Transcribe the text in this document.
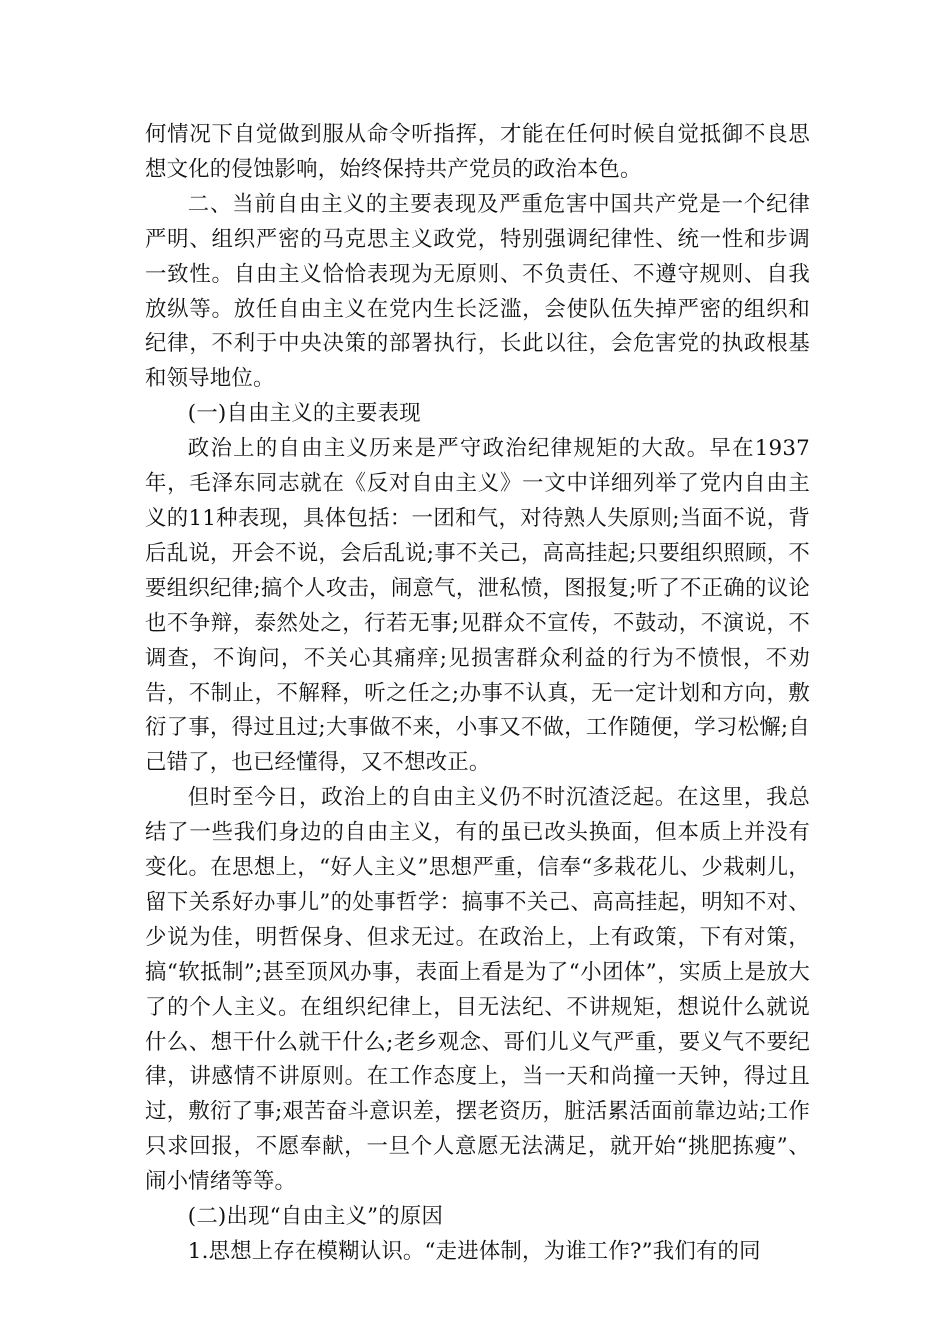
何情况下自觉做到服从命令听指挥，才能在任何时候自觉抵御不良思想文化的侵蚀影响，始终保持共产党员的政治本色。

二、当前自由主义的主要表现及严重危害中国共产党是一个纪律严明、组织严密的马克思主义政党，特别强调纪律性、统一性和步调一致性。自由主义恰恰表现为无原则、不负责任、不遵守规则、自我放纵等。放任自由主义在党内生长泛滥，会使队伍失掉严密的组织和纪律，不利于中央决策的部署执行，长此以往，会危害党的执政根基和领导地位。

(一)自由主义的主要表现

政治上的自由主义历来是严守政治纪律规矩的大敌。早在1937年，毛泽东同志就在《反对自由主义》一文中详细列举了党内自由主义的11种表现，具体包括：一团和气，对待熟人失原则;当面不说，背后乱说，开会不说，会后乱说;事不关己，高高挂起;只要组织照顾，不要组织纪律;搞个人攻击，闹意气，泄私愤，图报复;听了不正确的议论也不争辩，泰然处之，行若无事;见群众不宣传，不鼓动，不演说，不调查，不询问，不关心其痛痒;见损害群众利益的行为不愤恨，不劝告，不制止，不解释，听之任之;办事不认真，无一定计划和方向，敷衍了事，得过且过;大事做不来，小事又不做，工作随便，学习松懈;自己错了，也已经懂得，又不想改正。

但时至今日，政治上的自由主义仍不时沉渣泛起。在这里，我总结了一些我们身边的自由主义，有的虽已改头换面，但本质上并没有变化。在思想上，“好人主义”思想严重，信奉“多栽花儿、少栽刺儿，留下关系好办事儿”的处事哲学：搞事不关己、高高挂起，明知不对、少说为佳，明哲保身、但求无过。在政治上，上有政策，下有对策，搞“软抵制”;甚至顶风办事，表面上看是为了“小团体”，实质上是放大了的个人主义。在组织纪律上，目无法纪、不讲规矩，想说什么就说什么、想干什么就干什么;老乡观念、哥们儿义气严重，要义气不要纪律，讲感情不讲原则。在工作态度上，当一天和尚撞一天钟，得过且过，敷衍了事;艰苦奋斗意识差，摆老资历，脏活累活面前靠边站;工作只求回报，不愿奉献，一旦个人意愿无法满足，就开始“挑肥拣瘦”、闹小情绪等等。

(二)出现“自由主义”的原因

1.思想上存在模糊认识。“走进体制，为谁工作?”我们有的同
